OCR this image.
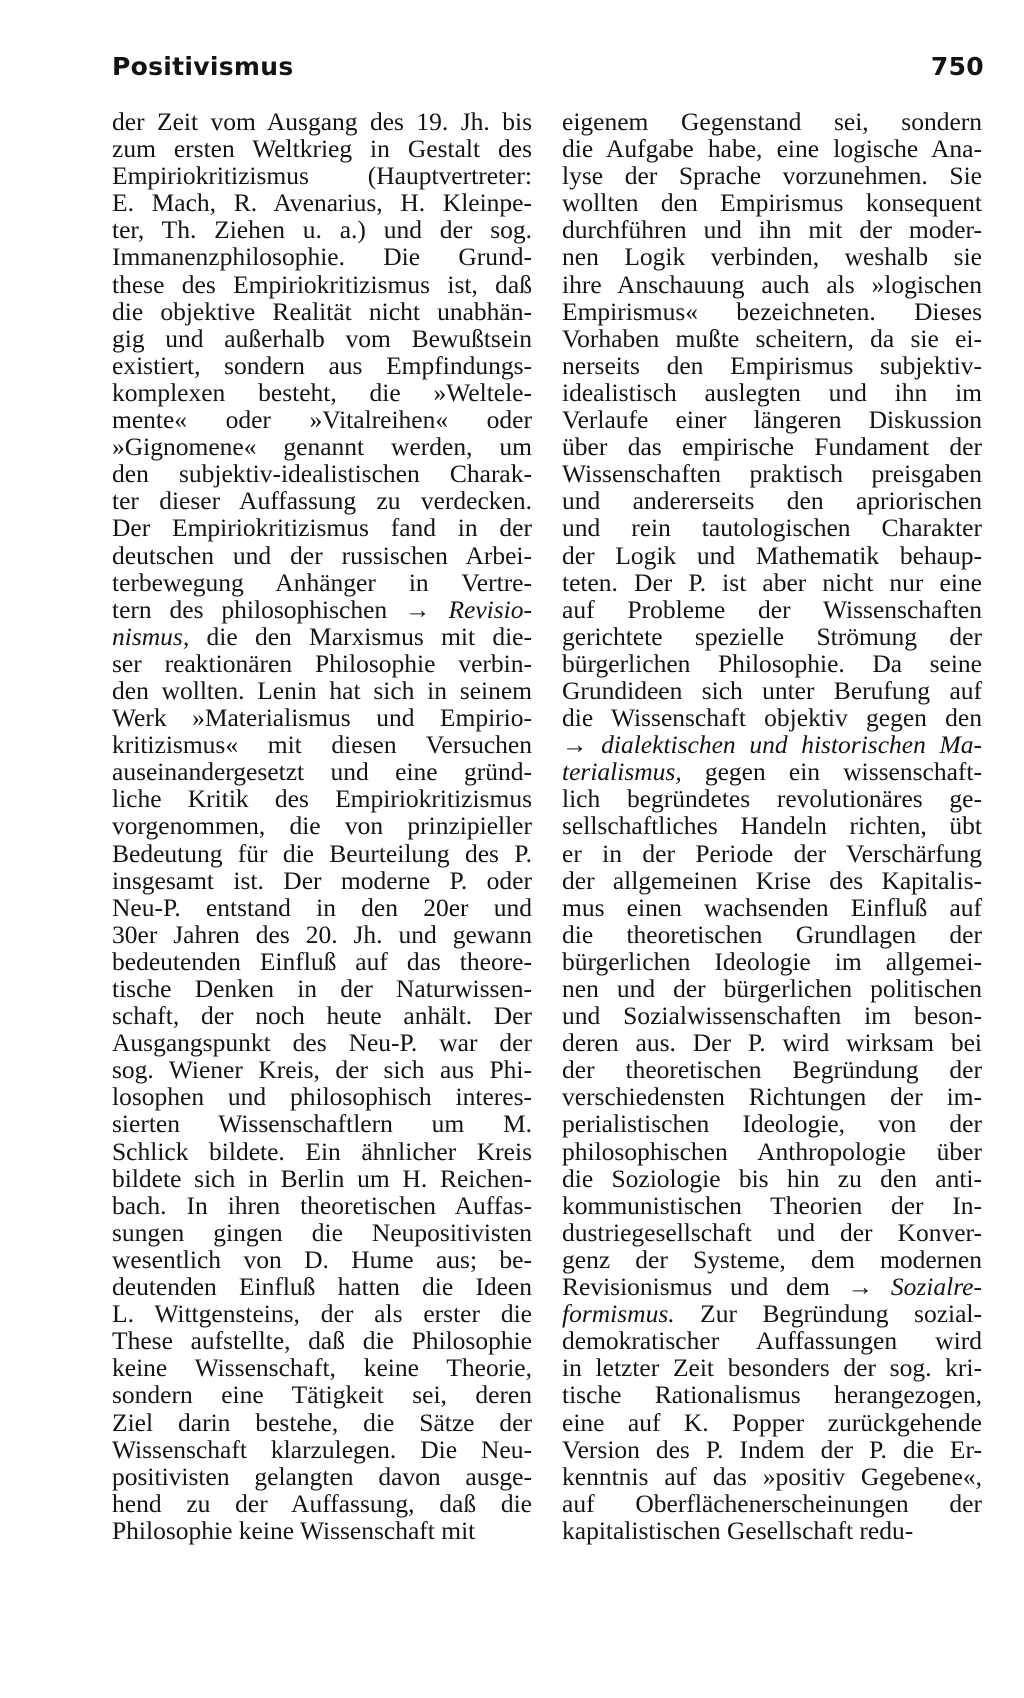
Positivismus	750
der Zeit vom Ausgang des 19. Jh. bis
zum ersten Weltkrieg in Gestalt des
Empiriokritizismus (Hauptvertreter:
E. Mach, R. Avenarius, H. Kleinpe-
ter, Th. Ziehen u. a.) und der sog.
Immanenzphilosophie. Die Grund-
these des Empiriokritizismus ist, daß
die objektive Realität nicht unabhän-
gig und außerhalb vom Bewußtsein
existiert, sondern aus Empfindungs-
komplexen besteht, die »Weltele-
mente« oder »Vitalreihen« oder
»Gignomene« genannt werden, um
den subjektiv-idealistischen Charak-
ter dieser Auffassung zu verdecken.
Der Empiriokritizismus fand in der
deutschen und der russischen Arbei-
terbewegung Anhänger in Vertre-
tern des philosophischen → Revisio-
nismus, die den Marxismus mit die-
ser reaktionären Philosophie verbin-
den wollten. Lenin hat sich in seinem
Werk »Materialismus und Empirio-
kritizismus« mit diesen Versuchen
auseinandergesetzt und eine gründ-
liche Kritik des Empiriokritizismus
vorgenommen, die von prinzipieller
Bedeutung für die Beurteilung des P.
insgesamt ist. Der moderne P. oder
Neu-P. entstand in den 20er und
30er Jahren des 20. Jh. und gewann
bedeutenden Einfluß auf das theore-
tische Denken in der Naturwissen-
schaft, der noch heute anhält. Der
Ausgangspunkt des Neu-P. war der
sog. Wiener Kreis, der sich aus Phi-
losophen und philosophisch interes-
sierten Wissenschaftlern um M.
Schlick bildete. Ein ähnlicher Kreis
bildete sich in Berlin um H. Reichen-
bach. In ihren theoretischen Auffas-
sungen gingen die Neupositivisten
wesentlich von D. Hume aus; be-
deutenden Einfluß hatten die Ideen
L. Wittgensteins, der als erster die
These aufstellte, daß die Philosophie
keine Wissenschaft, keine Theorie,
sondern eine Tätigkeit sei, deren
Ziel darin bestehe, die Sätze der
Wissenschaft klarzulegen. Die Neu-
positivisten gelangten davon ausge-
hend zu der Auffassung, daß die
Philosophie keine Wissenschaft mit
eigenem Gegenstand sei, sondern
die Aufgabe habe, eine logische Ana-
lyse der Sprache vorzunehmen. Sie
wollten den Empirismus konsequent
durchführen und ihn mit der moder-
nen Logik verbinden, weshalb sie
ihre Anschauung auch als »logischen
Empirismus« bezeichneten. Dieses
Vorhaben mußte scheitern, da sie ei-
nerseits den Empirismus subjektiv-
idealistisch auslegten und ihn im
Verlaufe einer längeren Diskussion
über das empirische Fundament der
Wissenschaften praktisch preisgaben
und andererseits den apriorischen
und rein tautologischen Charakter
der Logik und Mathematik behaup-
teten. Der P. ist aber nicht nur eine
auf Probleme der Wissenschaften
gerichtete spezielle Strömung der
bürgerlichen Philosophie. Da seine
Grundideen sich unter Berufung auf
die Wissenschaft objektiv gegen den
→ dialektischen und historischen Ma-
terialismus, gegen ein wissenschaft-
lich begründetes revolutionäres ge-
sellschaftliches Handeln richten, übt
er in der Periode der Verschärfung
der allgemeinen Krise des Kapitalis-
mus einen wachsenden Einfluß auf
die theoretischen Grundlagen der
bürgerlichen Ideologie im allgemei-
nen und der bürgerlichen politischen
und Sozialwissenschaften im beson-
deren aus. Der P. wird wirksam bei
der theoretischen Begründung der
verschiedensten Richtungen der im-
perialistischen Ideologie, von der
philosophischen Anthropologie über
die Soziologie bis hin zu den anti-
kommunistischen Theorien der In-
dustriegesellschaft und der Konver-
genz der Systeme, dem modernen
Revisionismus und dem → Sozialre-
formismus. Zur Begründung sozial-
demokratischer Auffassungen wird
in letzter Zeit besonders der sog. kri-
tische Rationalismus herangezogen,
eine auf K. Popper zurückgehende
Version des P. Indem der P. die Er-
kenntnis auf das »positiv Gegebene«,
auf Oberflächenerscheinungen der
kapitalistischen Gesellschaft redu-
